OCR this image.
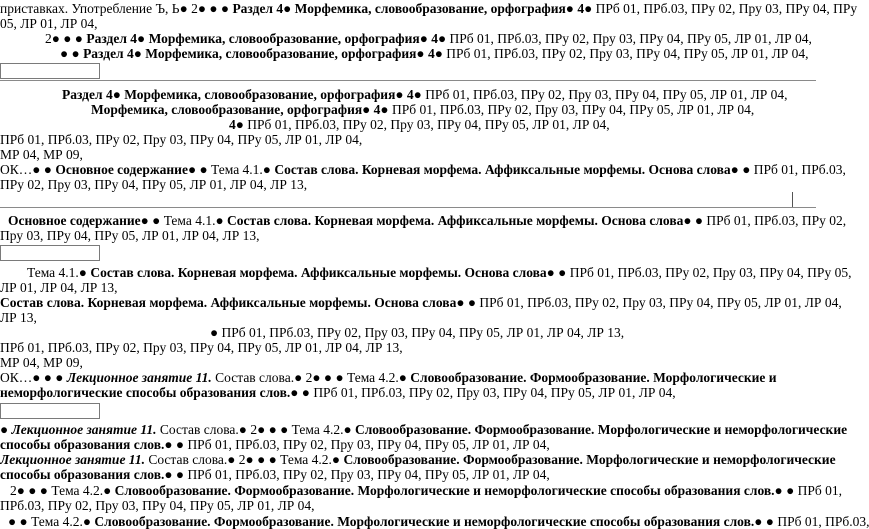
приставках. Употребление Ъ, Ь● 2● ● ● Раздел 4● Морфемика, словообразование, орфография● 4● ПРб 01, ПРб.03, ПРу 02, Пру 03, ПРу 04, ПРу
05, ЛР 01, ЛР 04,
2● ● ● Раздел 4● Морфемика, словообразование, орфография● 4● ПРб 01, ПРб.03, ПРу 02, Пру 03, ПРу 04, ПРу 05, ЛР 01, ЛР 04,
● ● Раздел 4● Морфемика, словообразование, орфография● 4● ПРб 01, ПРб.03, ПРу 02, Пру 03, ПРу 04, ПРу 05, ЛР 01, ЛР 04,
Раздел 4● Морфемика, словообразование, орфография● 4● ПРб 01, ПРб.03, ПРу 02, Пру 03, ПРу 04, ПРу 05, ЛР 01, ЛР 04,
Морфемика, словообразование, орфография● 4● ПРб 01, ПРб.03, ПРу 02, Пру 03, ПРу 04, ПРу 05, ЛР 01, ЛР 04,
4● ПРб 01, ПРб.03, ПРу 02, Пру 03, ПРу 04, ПРу 05, ЛР 01, ЛР 04,
ПРб 01, ПРб.03, ПРу 02, Пру 03, ПРу 04, ПРу 05, ЛР 01, ЛР 04,
МР 04, МР 09,
ОК…● ● Основное содержание● ● Тема 4.1.● Состав слова. Корневая морфема. Аффиксальные морфемы. Основа слова● ● ПРб 01, ПРб.03,
ПРу 02, Пру 03, ПРу 04, ПРу 05, ЛР 01, ЛР 04, ЛР 13,
Основное содержание● ● Тема 4.1.● Состав слова. Корневая морфема. Аффиксальные морфемы. Основа слова● ● ПРб 01, ПРб.03, ПРу 02,
Пру 03, ПРу 04, ПРу 05, ЛР 01, ЛР 04, ЛР 13,
Тема 4.1.● Состав слова. Корневая морфема. Аффиксальные морфемы. Основа слова● ● ПРб 01, ПРб.03, ПРу 02, Пру 03, ПРу 04, ПРу 05,
ЛР 01, ЛР 04, ЛР 13,
Состав слова. Корневая морфема. Аффиксальные морфемы. Основа слова● ● ПРб 01, ПРб.03, ПРу 02, Пру 03, ПРу 04, ПРу 05, ЛР 01, ЛР 04,
ЛР 13,
● ПРб 01, ПРб.03, ПРу 02, Пру 03, ПРу 04, ПРу 05, ЛР 01, ЛР 04, ЛР 13,
ПРб 01, ПРб.03, ПРу 02, Пру 03, ПРу 04, ПРу 05, ЛР 01, ЛР 04, ЛР 13,
МР 04, МР 09,
ОК…● ● ● Лекционное занятие 11. Состав слова.● 2● ● ● Тема 4.2.● Словообразование. Формообразование. Морфологические и
неморфологические способы образования слов.● ● ПРб 01, ПРб.03, ПРу 02, Пру 03, ПРу 04, ПРу 05, ЛР 01, ЛР 04,
● Лекционное занятие 11. Состав слова.● 2● ● ● Тема 4.2.● Словообразование. Формообразование. Морфологические и неморфологические
способы образования слов.● ● ПРб 01, ПРб.03, ПРу 02, Пру 03, ПРу 04, ПРу 05, ЛР 01, ЛР 04,
Лекционное занятие 11. Состав слова.● 2● ● ● Тема 4.2.● Словообразование. Формообразование. Морфологические и неморфологические
способы образования слов.● ● ПРб 01, ПРб.03, ПРу 02, Пру 03, ПРу 04, ПРу 05, ЛР 01, ЛР 04,
2● ● ● Тема 4.2.● Словообразование. Формообразование. Морфологические и неморфологические способы образования слов.● ● ПРб 01,
ПРб.03, ПРу 02, Пру 03, ПРу 04, ПРу 05, ЛР 01, ЛР 04,
● ● Тема 4.2.● Словообразование. Формообразование. Морфологические и неморфологические способы образования слов.● ● ПРб 01, ПРб.03,
